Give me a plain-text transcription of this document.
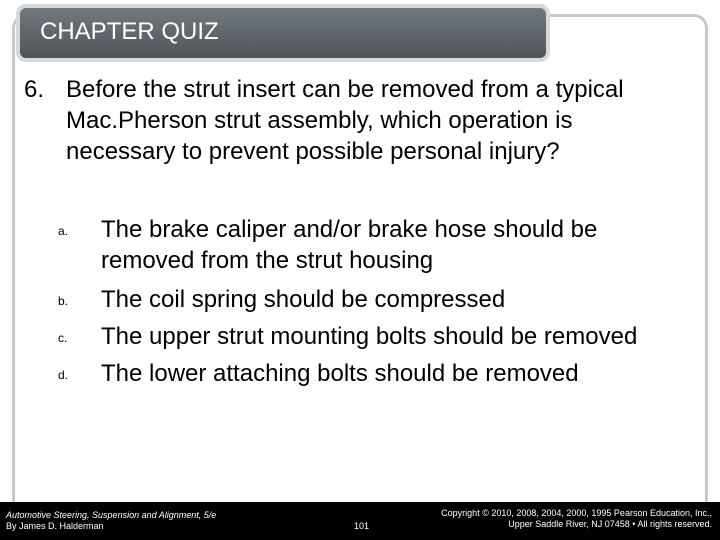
CHAPTER QUIZ
6. Before the strut insert can be removed from a typical Mac.Pherson strut assembly, which operation is necessary to prevent possible personal injury?
a. The brake caliper and/or brake hose should be removed from the strut housing
b. The coil spring should be compressed
c. The upper strut mounting bolts should be removed
d. The lower attaching bolts should be removed
Automotive Steering, Suspension and Alignment, 5/e
By James D. Halderman	101
Copyright © 2010, 2008, 2004, 2000, 1995 Pearson Education, Inc.,
Upper Saddle River, NJ 07458 • All rights reserved.
